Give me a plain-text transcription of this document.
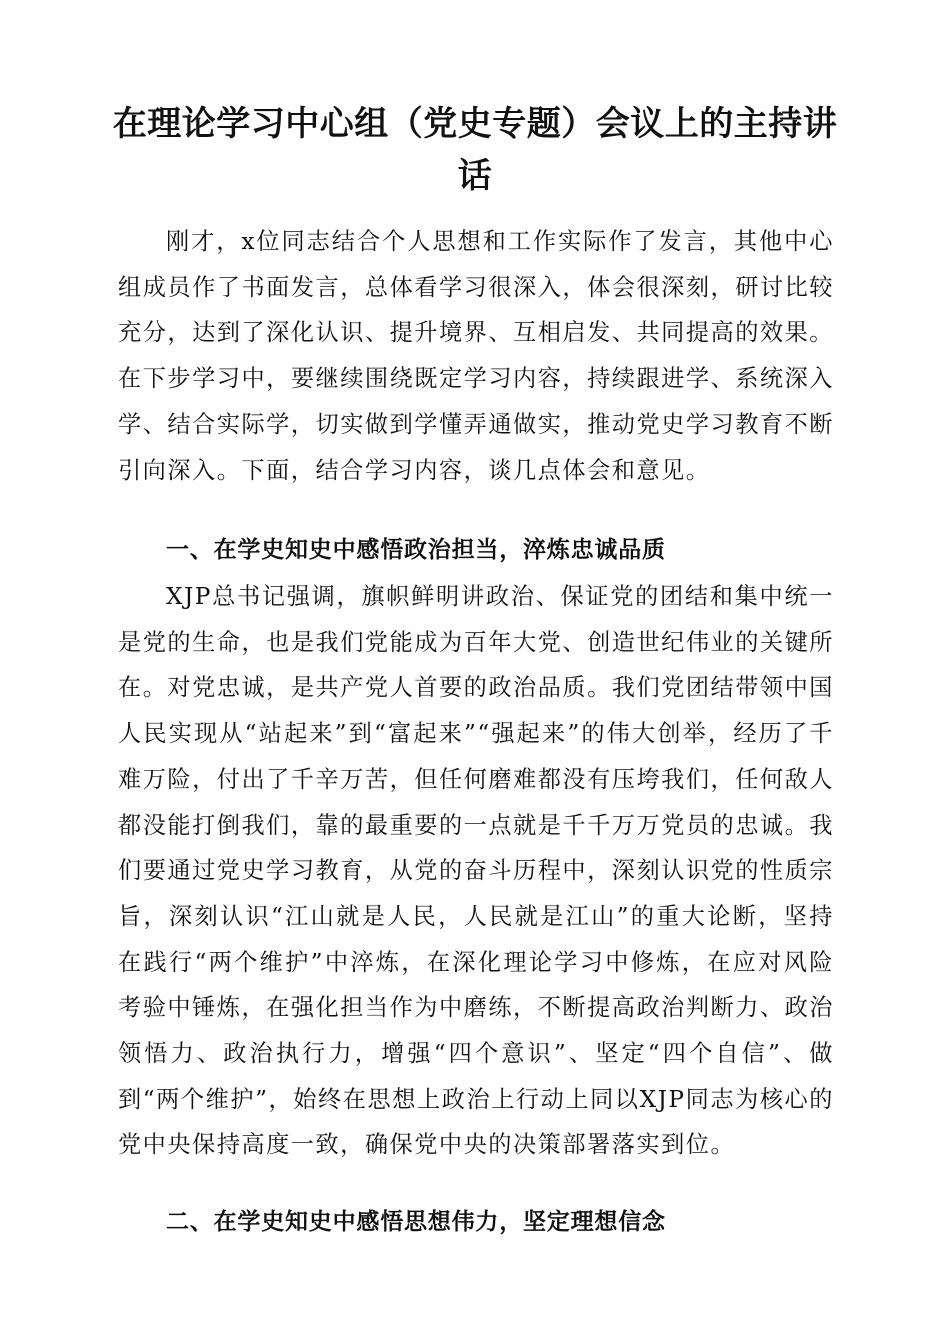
在理论学习中心组（党史专题）会议上的主持讲话

刚才，x位同志结合个人思想和工作实际作了发言，其他中心组成员作了书面发言，总体看学习很深入，体会很深刻，研讨比较充分，达到了深化认识、提升境界、互相启发、共同提高的效果。在下步学习中，要继续围绕既定学习内容，持续跟进学、系统深入学、结合实际学，切实做到学懂弄通做实，推动党史学习教育不断引向深入。下面，结合学习内容，谈几点体会和意见。

一、在学史知史中感悟政治担当，淬炼忠诚品质

XJP总书记强调，旗帜鲜明讲政治、保证党的团结和集中统一是党的生命，也是我们党能成为百年大党、创造世纪伟业的关键所在。对党忠诚，是共产党人首要的政治品质。我们党团结带领中国人民实现从“站起来”到“富起来”“强起来”的伟大创举，经历了千难万险，付出了千辛万苦，但任何磨难都没有压垮我们，任何敌人都没能打倒我们，靠的最重要的一点就是千千万万党员的忠诚。我们要通过党史学习教育，从党的奋斗历程中，深刻认识党的性质宗旨，深刻认识“江山就是人民，人民就是江山”的重大论断，坚持在践行“两个维护”中淬炼，在深化理论学习中修炼，在应对风险考验中锤炼，在强化担当作为中磨练，不断提高政治判断力、政治领悟力、政治执行力，增强“四个意识”、坚定“四个自信”、做到“两个维护”，始终在思想上政治上行动上同以XJP同志为核心的党中央保持高度一致，确保党中央的决策部署落实到位。

二、在学史知史中感悟思想伟力，坚定理想信念
